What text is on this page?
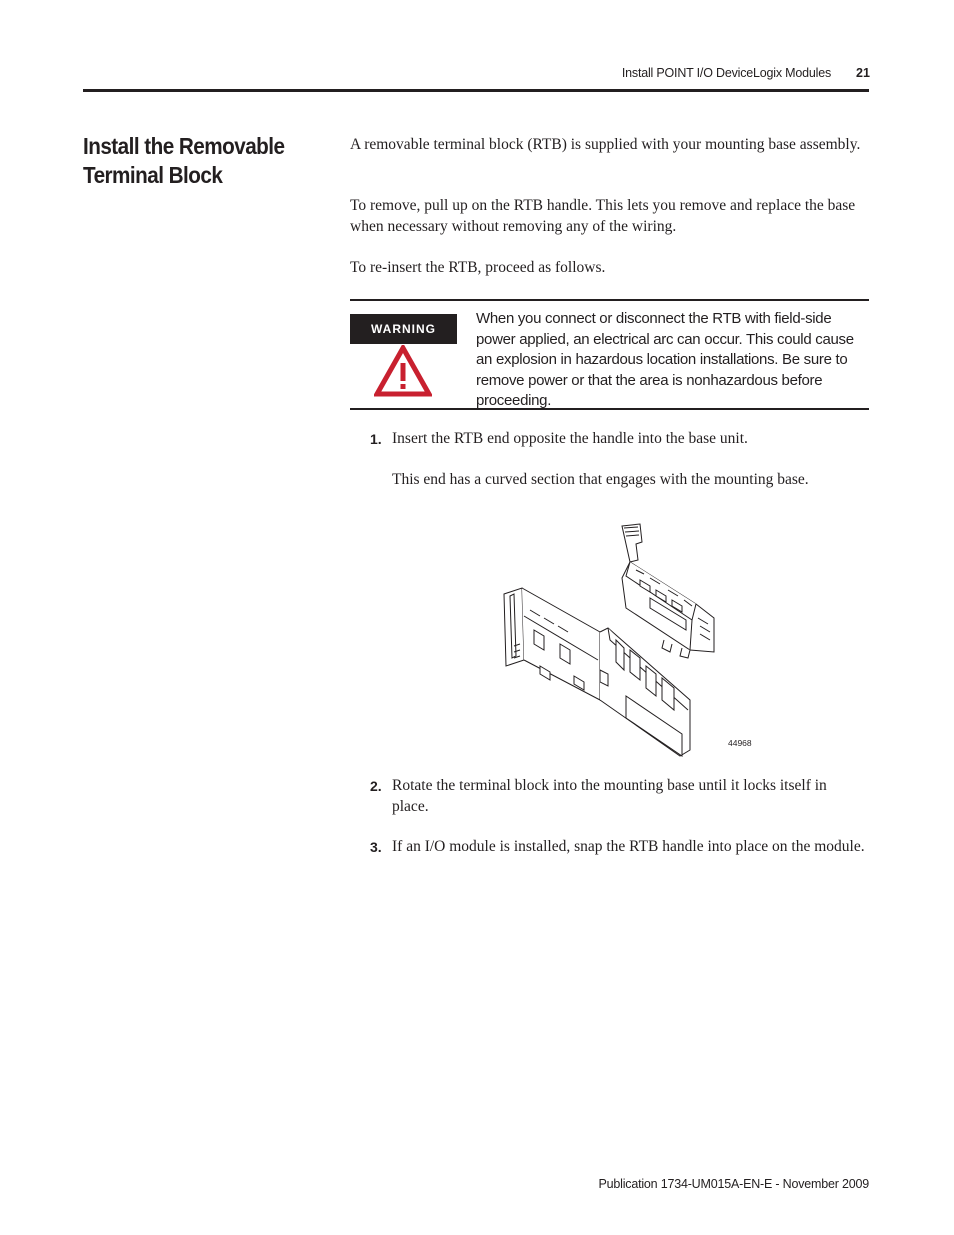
Install POINT I/O DeviceLogix Modules 21
Install the Removable Terminal Block

A removable terminal block (RTB) is supplied with your mounting base assembly.

To remove, pull up on the RTB handle. This lets you remove and replace the base when necessary without removing any of the wiring.

To re-insert the RTB, proceed as follows.

WARNING
When you connect or disconnect the RTB with field-side power applied, an electrical arc can occur. This could cause an explosion in hazardous location installations. Be sure to remove power or that the area is nonhazardous before proceeding.
1. Insert the RTB end opposite the handle into the base unit.
This end has a curved section that engages with the mounting base.
44968
2. Rotate the terminal block into the mounting base until it locks itself in place.
3. If an I/O module is installed, snap the RTB handle into place on the module.
Publication 1734-UM015A-EN-E - November 2009
